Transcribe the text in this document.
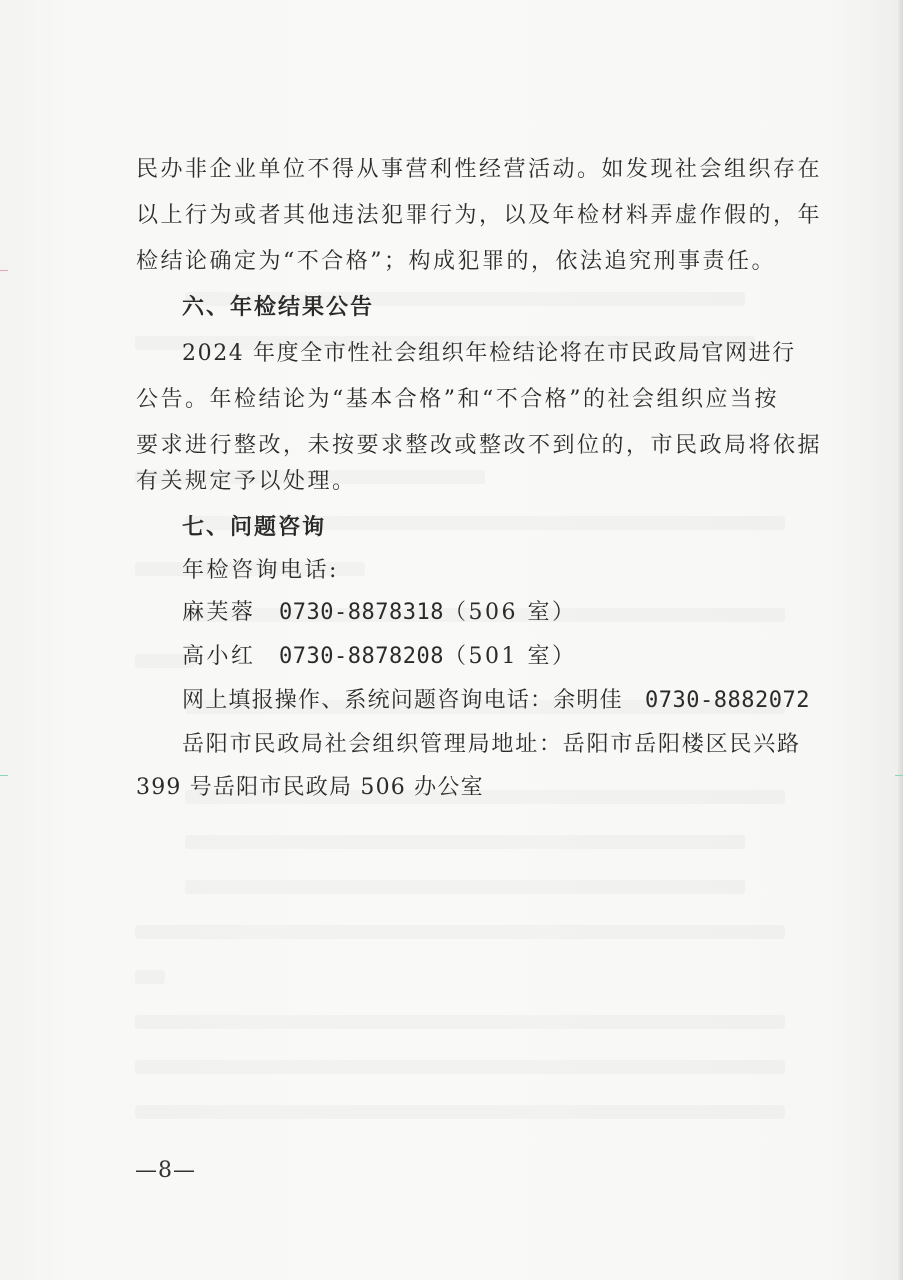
民办非企业单位不得从事营利性经营活动。如发现社会组织存在
以上行为或者其他违法犯罪行为，以及年检材料弄虚作假的，年
检结论确定为“不合格”；构成犯罪的，依法追究刑事责任。
六、年检结果公告
2024 年度全市性社会组织年检结论将在市民政局官网进行
公告。年检结论为“基本合格”和“不合格”的社会组织应当按
要求进行整改，未按要求整改或整改不到位的，市民政局将依据
有关规定予以处理。
七、问题咨询
年检咨询电话:
麻芙蓉 0730-8878318（506 室）
高小红 0730-8878208（501 室）
网上填报操作、系统问题咨询电话：余明佳 0730-8882072
岳阳市民政局社会组织管理局地址：岳阳市岳阳楼区民兴路
399 号岳阳市民政局 506 办公室
—8—
